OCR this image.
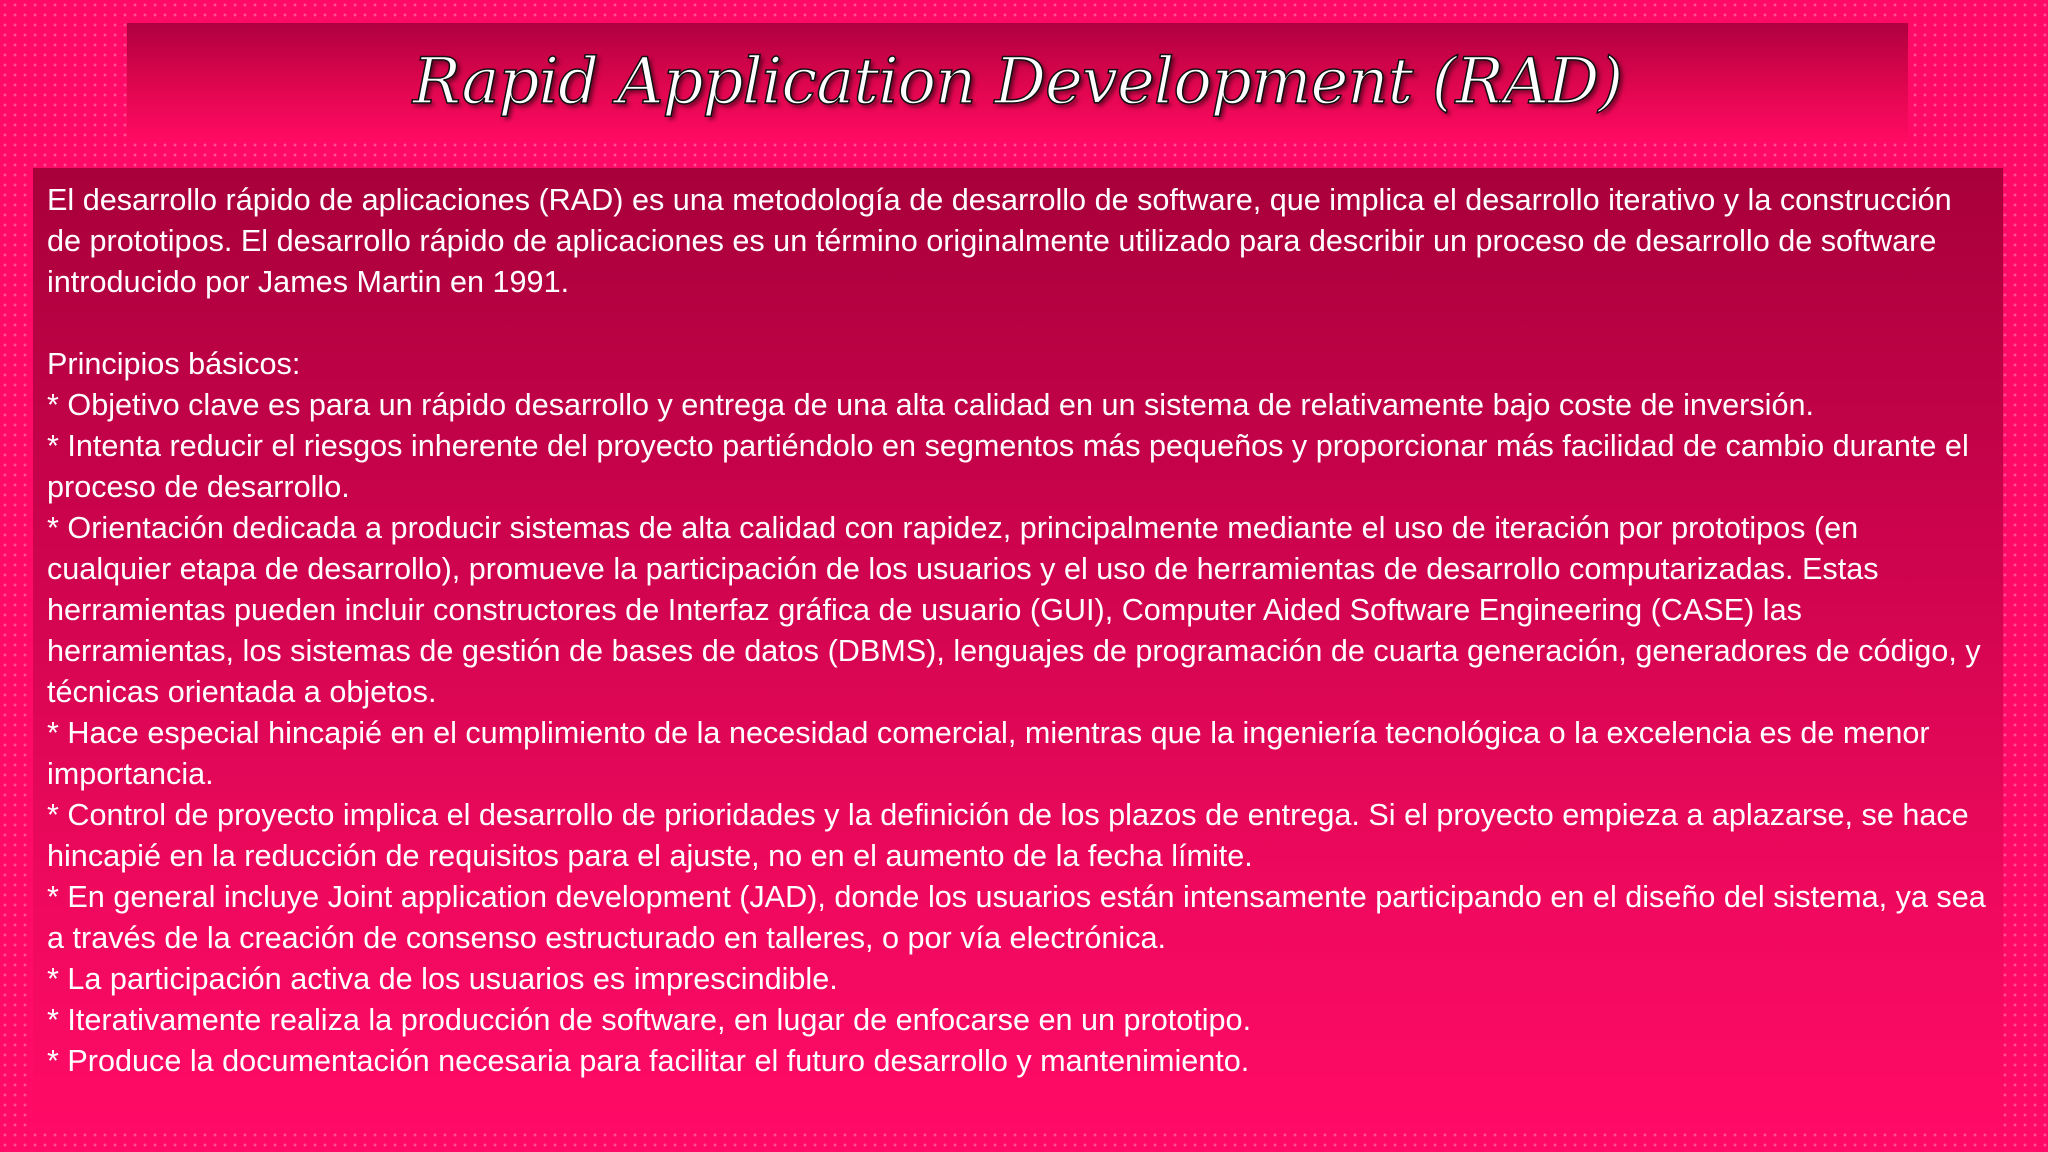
Rapid Application Development (RAD)

El desarrollo rápido de aplicaciones (RAD) es una metodología de desarrollo de software, que implica el desarrollo iterativo y la construcción de prototipos. El desarrollo rápido de aplicaciones es un término originalmente utilizado para describir un proceso de desarrollo de software introducido por James Martin en 1991.

Principios básicos:

* Objetivo clave es para un rápido desarrollo y entrega de una alta calidad en un sistema de relativamente bajo coste de inversión.

* Intenta reducir el riesgos inherente del proyecto partiéndolo en segmentos más pequeños y proporcionar más facilidad de cambio durante el proceso de desarrollo.

* Orientación dedicada a producir sistemas de alta calidad con rapidez, principalmente mediante el uso de iteración por prototipos (en cualquier etapa de desarrollo), promueve la participación de los usuarios y el uso de herramientas de desarrollo computarizadas. Estas herramientas pueden incluir constructores de Interfaz gráfica de usuario (GUI), Computer Aided Software Engineering (CASE) las herramientas, los sistemas de gestión de bases de datos (DBMS), lenguajes de programación de cuarta generación, generadores de código, y técnicas orientada a objetos.

* Hace especial hincapié en el cumplimiento de la necesidad comercial, mientras que la ingeniería tecnológica o la excelencia es de menor importancia.

* Control de proyecto implica el desarrollo de prioridades y la definición de los plazos de entrega. Si el proyecto empieza a aplazarse, se hace hincapié en la reducción de requisitos para el ajuste, no en el aumento de la fecha límite.

* En general incluye Joint application development (JAD), donde los usuarios están intensamente participando en el diseño del sistema, ya sea a través de la creación de consenso estructurado en talleres, o por vía electrónica.

* La participación activa de los usuarios es imprescindible.

* Iterativamente realiza la producción de software, en lugar de enfocarse en un prototipo.

* Produce la documentación necesaria para facilitar el futuro desarrollo y mantenimiento.
